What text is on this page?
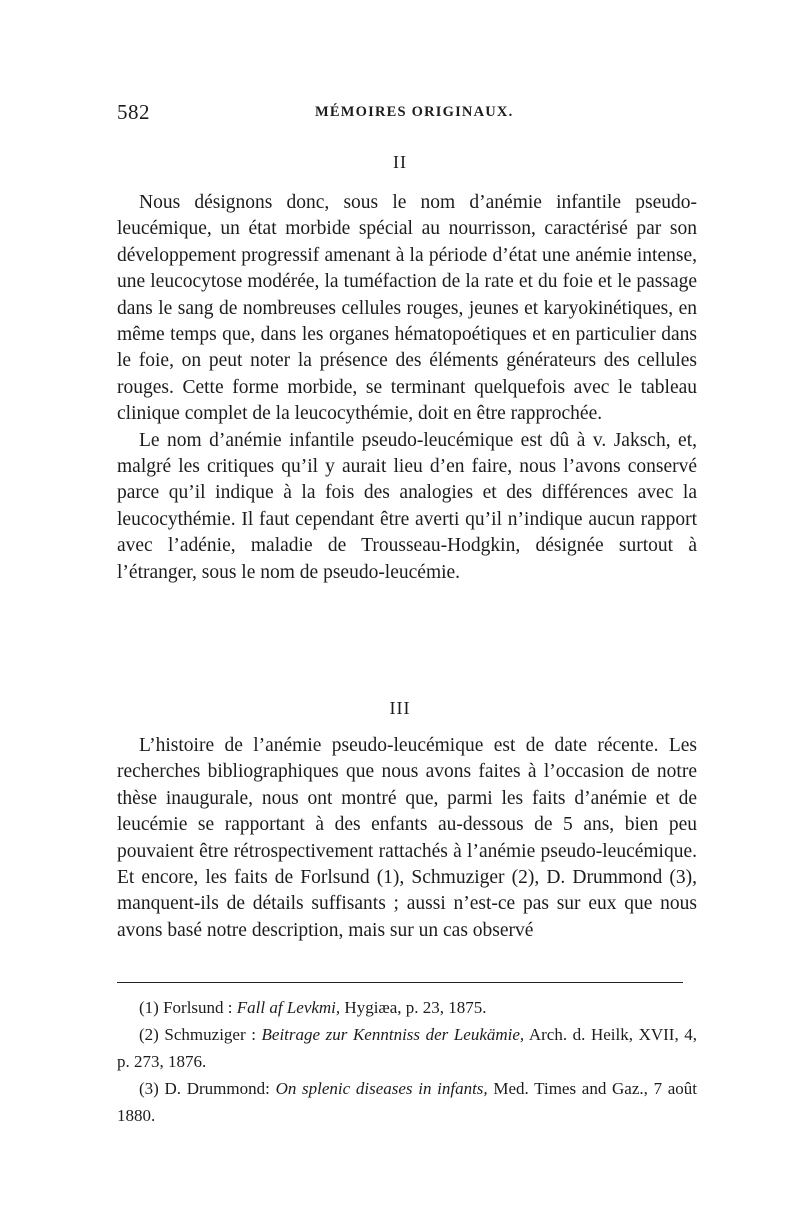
582	MÉMOIRES ORIGINAUX.
II

Nous désignons donc, sous le nom d’anémie infantile pseudo-leucémique, un état morbide spécial au nourrisson, caractérisé par son développement progressif amenant à la période d’état une anémie intense, une leucocytose modérée, la tuméfaction de la rate et du foie et le passage dans le sang de nombreuses cellules rouges, jeunes et karyokinétiques, en même temps que, dans les organes hématopoétiques et en particulier dans le foie, on peut noter la présence des éléments générateurs des cellules rouges. Cette forme morbide, se terminant quelquefois avec le tableau clinique complet de la leucocythémie, doit en être rapprochée.

Le nom d’anémie infantile pseudo-leucémique est dû à v. Jaksch, et, malgré les critiques qu’il y aurait lieu d’en faire, nous l’avons conservé parce qu’il indique à la fois des analogies et des différences avec la leucocythémie. Il faut cependant être averti qu’il n’indique aucun rapport avec l’adénie, maladie de Trousseau-Hodgkin, désignée surtout à l’étranger, sous le nom de pseudo-leucémie.

III

L’histoire de l’anémie pseudo-leucémique est de date récente. Les recherches bibliographiques que nous avons faites à l’occasion de notre thèse inaugurale, nous ont montré que, parmi les faits d’anémie et de leucémie se rapportant à des enfants au-dessous de 5 ans, bien peu pouvaient être rétrospectivement rattachés à l’anémie pseudo-leucémique. Et encore, les faits de Forlsund (1), Schmuziger (2), D. Drummond (3), manquent-ils de détails suffisants ; aussi n’est-ce pas sur eux que nous avons basé notre description, mais sur un cas observé

(1) Forlsund : Fall af Levkmi, Hygiæa, p. 23, 1875.

(2) Schmuziger : Beitrage zur Kenntniss der Leukämie, Arch. d. Heilk, XVII, 4, p. 273, 1876.

(3) D. Drummond: On splenic diseases in infants, Med. Times and Gaz., 7 août 1880.
